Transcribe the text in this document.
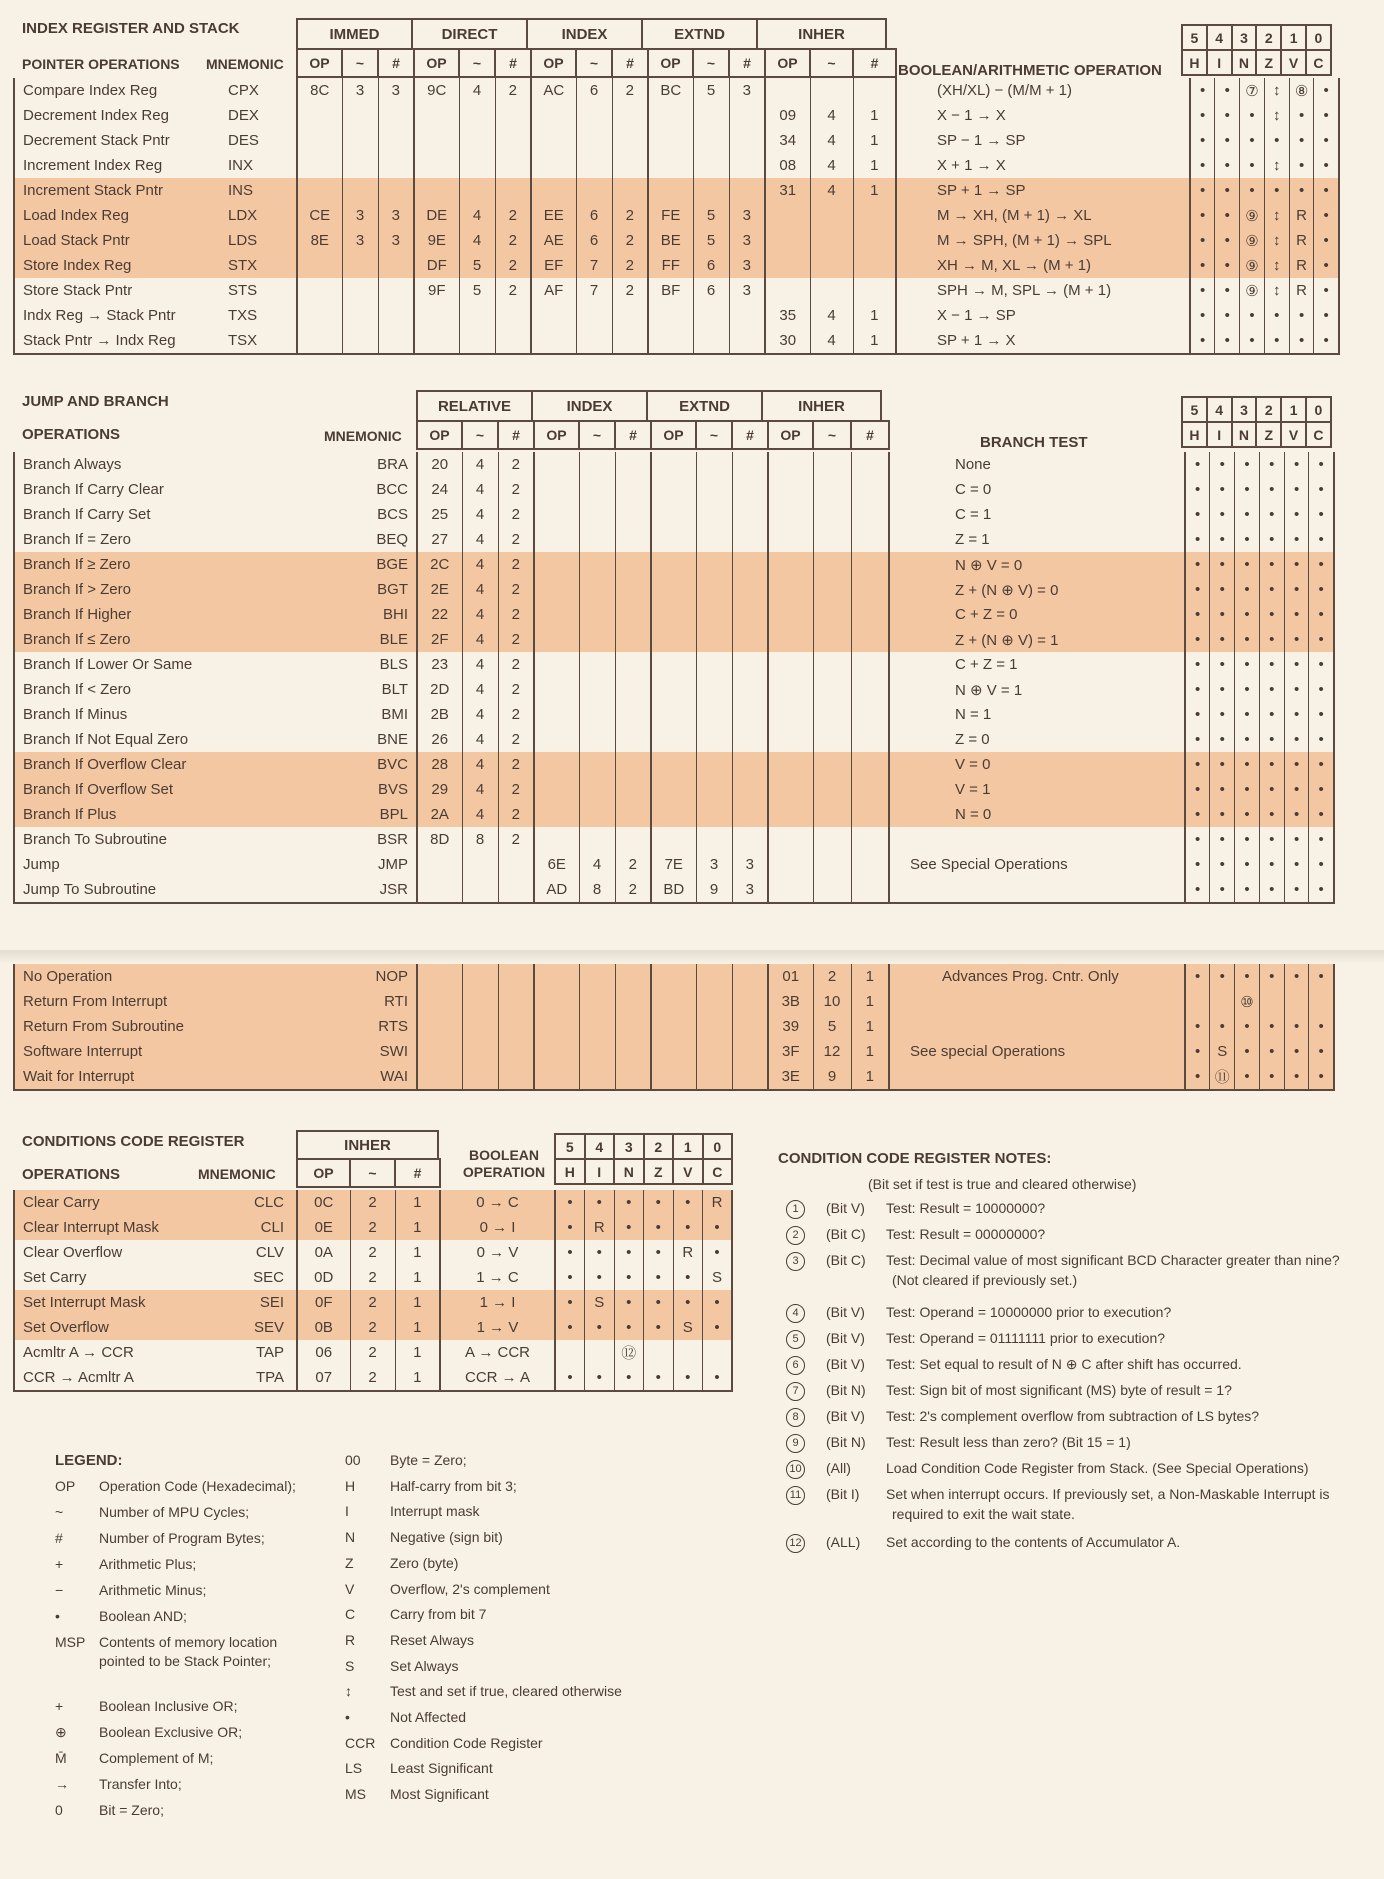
INDEX REGISTER AND STACK
POINTER OPERATIONS MNEMONIC
IMMED	DIRECT	INDEX	EXTND	INHER
OP	~	#	OP	~	#	OP	~	#	OP	~	#	OP	~	#	BOOLEAN/ARITHMETIC OPERATION
5
H
4
I
3
N
2
Z
1
V
0
C
Compare Index Reg	CPX	8C	3	3	9C	4	2	AC	6	2	BC	5	3				(XH/XL) − (M/M + 1)	•	•	⑦	↕	⑧	•
Decrement Index Reg	DEX													09	4	1	X − 1 → X	•	•	•	↕	•	•
Decrement Stack Pntr	DES													34	4	1	SP − 1 → SP	•	•	•	•	•	•
Increment Index Reg	INX													08	4	1	X + 1 → X	•	•	•	↕	•	•
Increment Stack Pntr	INS													31	4	1	SP + 1 → SP	•	•	•	•	•	•
Load Index Reg	LDX	CE	3	3	DE	4	2	EE	6	2	FE	5	3				M → XH, (M + 1) → XL	•	•	⑨	↕	R	•
Load Stack Pntr	LDS	8E	3	3	9E	4	2	AE	6	2	BE	5	3				M → SPH, (M + 1) → SPL	•	•	⑨	↕	R	•
Store Index Reg	STX				DF	5	2	EF	7	2	FF	6	3				XH → M, XL → (M + 1)	•	•	⑨	↕	R	•
Store Stack Pntr	STS				9F	5	2	AF	7	2	BF	6	3				SPH → M, SPL → (M + 1)	•	•	⑨	↕	R	•
Indx Reg → Stack Pntr	TXS													35	4	1	X − 1 → SP	•	•	•	•	•	•
Stack Pntr → Indx Reg	TSX													30	4	1	SP + 1 → X	•	•	•	•	•	•
JUMP AND BRANCH
OPERATIONS	MNEMONIC
RELATIVE	INDEX	EXTND	INHER
OP	~	#	OP	~	#	OP	~	#	OP	~	#	BRANCH TEST
5
H
4
I
3
N
2
Z
1
V
0
C
Branch Always	BRA	20	4	2										None	•	•	•	•	•	•
Branch If Carry Clear	BCC	24	4	2										C = 0	•	•	•	•	•	•
Branch If Carry Set	BCS	25	4	2										C = 1	•	•	•	•	•	•
Branch If = Zero	BEQ	27	4	2										Z = 1	•	•	•	•	•	•
Branch If ≥ Zero	BGE	2C	4	2										N ⊕ V = 0	•	•	•	•	•	•
Branch If > Zero	BGT	2E	4	2										Z + (N ⊕ V) = 0	•	•	•	•	•	•
Branch If Higher	BHI	22	4	2										C + Z = 0	•	•	•	•	•	•
Branch If ≤ Zero	BLE	2F	4	2										Z + (N ⊕ V) = 1	•	•	•	•	•	•
Branch If Lower Or Same	BLS	23	4	2										C + Z = 1	•	•	•	•	•	•
Branch If < Zero	BLT	2D	4	2										N ⊕ V = 1	•	•	•	•	•	•
Branch If Minus	BMI	2B	4	2										N = 1	•	•	•	•	•	•
Branch If Not Equal Zero	BNE	26	4	2										Z = 0	•	•	•	•	•	•
Branch If Overflow Clear	BVC	28	4	2										V = 0	•	•	•	•	•	•
Branch If Overflow Set	BVS	29	4	2										V = 1	•	•	•	•	•	•
Branch If Plus	BPL	2A	4	2										N = 0	•	•	•	•	•	•
Branch To Subroutine	BSR	8D	8	2											•	•	•	•	•	•
Jump	JMP				6E	4	2	7E	3	3				See Special Operations	•	•	•	•	•	•
Jump To Subroutine	JSR				AD	8	2	BD	9	3					•	•	•	•	•	•
No Operation	NOP										01	2	1	Advances Prog. Cntr. Only	•	•	•	•	•	•
Return From Interrupt	RTI										3B	10	1				⑩			
Return From Subroutine	RTS										39	5	1		•	•	•	•	•	•
Software Interrupt	SWI										3F	12	1	See special Operations	•	S	•	•	•	•
Wait for Interrupt	WAI										3E	9	1		•	⑪	•	•	•	•
CONDITIONS CODE REGISTER
OPERATIONS	MNEMONIC
INHER
OP	~	#
BOOLEAN OPERATION
5
H
4
I
3
N
2
Z
1
V
0
C
Clear Carry	CLC	0C	2	1	0 → C	•	•	•	•	•	R
Clear Interrupt Mask	CLI	0E	2	1	0 → I	•	R	•	•	•	•
Clear Overflow	CLV	0A	2	1	0 → V	•	•	•	•	R	•
Set Carry	SEC	0D	2	1	1 → C	•	•	•	•	•	S
Set Interrupt Mask	SEI	0F	2	1	1 → I	•	S	•	•	•	•
Set Overflow	SEV	0B	2	1	1 → V	•	•	•	•	S	•
Acmltr A → CCR	TAP	06	2	1	A → CCR			⑫			
CCR → Acmltr A	TPA	07	2	1	CCR → A	•	•	•	•	•	•
CONDITION CODE REGISTER NOTES:
(Bit set if test is true and cleared otherwise)
1	(Bit V) Test: Result = 10000000?
2	(Bit C) Test: Result = 00000000?
3	(Bit C) Test: Decimal value of most significant BCD Character greater than nine?
(Not cleared if previously set.)
4	(Bit V) Test: Operand = 10000000 prior to execution?
5	(Bit V) Test: Operand = 01111111 prior to execution?
6	(Bit V) Test: Set equal to result of N ⊕ C after shift has occurred.
7	(Bit N) Test: Sign bit of most significant (MS) byte of result = 1?
8	(Bit V) Test: 2's complement overflow from subtraction of LS bytes?
9	(Bit N) Test: Result less than zero? (Bit 15 = 1)
10 (All)	Load Condition Code Register from Stack. (See Special Operations)
11 (Bit I) Set when interrupt occurs. If previously set, a Non-Maskable Interrupt is
required to exit the wait state.
12 (ALL) Set according to the contents of Accumulator A.
LEGEND:
OP Operation Code (Hexadecimal);
~	Number of MPU Cycles;
#	Number of Program Bytes;
+	Arithmetic Plus;
−	Arithmetic Minus;
•	Boolean AND;
MSP Contents of memory location
pointed to be Stack Pointer;
+	Boolean Inclusive OR;
⊕ Boolean Exclusive OR;
M̄ Complement of M;
→ Transfer Into;
0	Bit = Zero;
00 Byte = Zero;
H Half-carry from bit 3;
I	Interrupt mask
N Negative (sign bit)
Z	Zero (byte)
V	Overflow, 2's complement
C Carry from bit 7
R Reset Always
S	Set Always
↕	Test and set if true, cleared otherwise
•	Not Affected
CCR Condition Code Register
LS Least Significant
MS Most Significant
